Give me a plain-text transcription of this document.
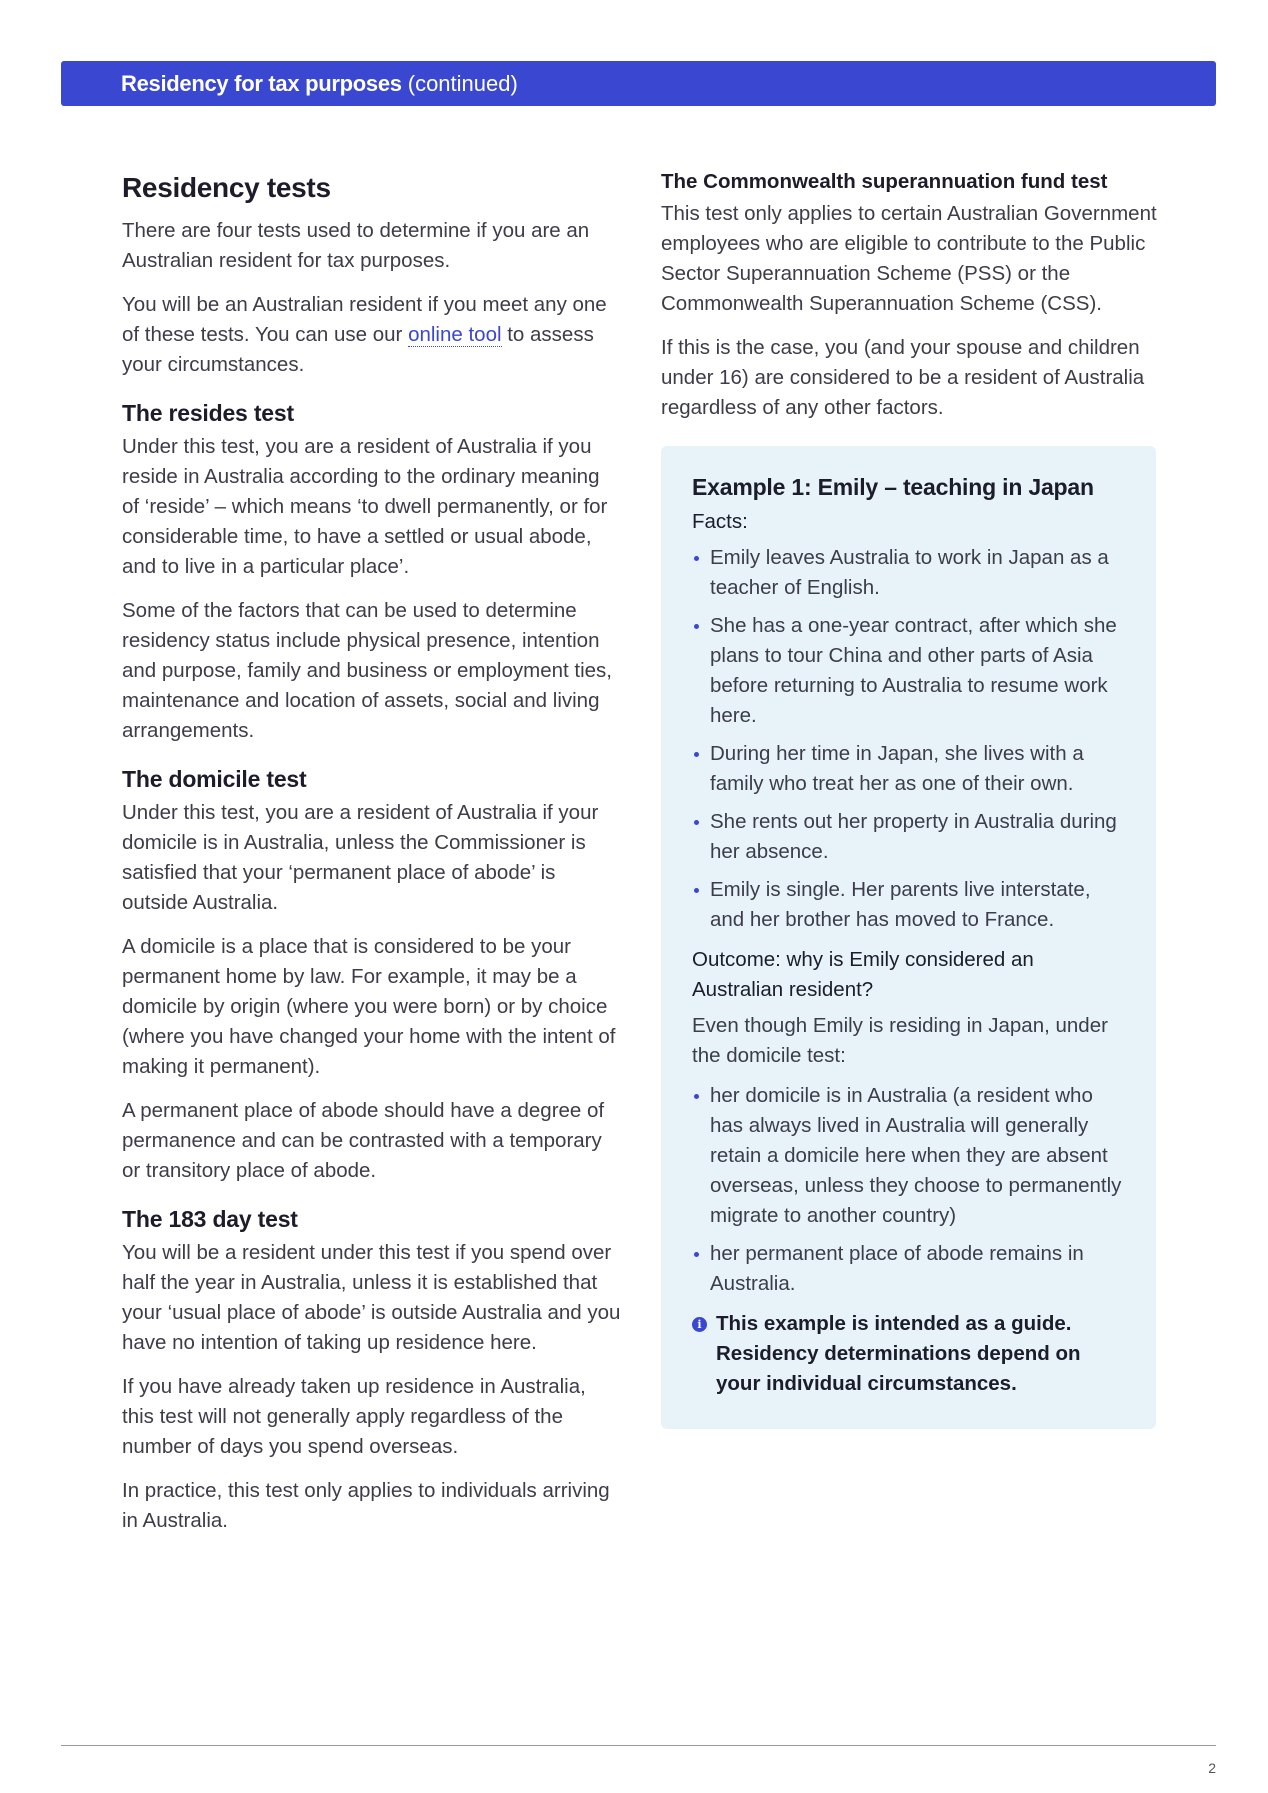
Residency for tax purposes (continued)
Residency tests

There are four tests used to determine if you are an Australian resident for tax purposes.

You will be an Australian resident if you meet any one of these tests. You can use our online tool to assess your circumstances.

The resides test

Under this test, you are a resident of Australia if you reside in Australia according to the ordinary meaning of ‘reside’ – which means ‘to dwell permanently, or for considerable time, to have a settled or usual abode, and to live in a particular place’.

Some of the factors that can be used to determine residency status include physical presence, intention and purpose, family and business or employment ties, maintenance and location of assets, social and living arrangements.

The domicile test

Under this test, you are a resident of Australia if your domicile is in Australia, unless the Commissioner is satisfied that your ‘permanent place of abode’ is outside Australia.

A domicile is a place that is considered to be your permanent home by law. For example, it may be a domicile by origin (where you were born) or by choice (where you have changed your home with the intent of making it permanent).

A permanent place of abode should have a degree of permanence and can be contrasted with a temporary or transitory place of abode.

The 183 day test

You will be a resident under this test if you spend over half the year in Australia, unless it is established that your ‘usual place of abode’ is outside Australia and you have no intention of taking up residence here.

If you have already taken up residence in Australia, this test will not generally apply regardless of the number of days you spend overseas.

In practice, this test only applies to individuals arriving in Australia.

The Commonwealth superannuation fund test

This test only applies to certain Australian Government employees who are eligible to contribute to the Public Sector Superannuation Scheme (PSS) or the Commonwealth Superannuation Scheme (CSS).

If this is the case, you (and your spouse and children under 16) are considered to be a resident of Australia regardless of any other factors.

Example 1: Emily – teaching in Japan
Facts:
Emily leaves Australia to work in Japan as a teacher of English.
She has a one-year contract, after which she plans to tour China and other parts of Asia before returning to Australia to resume work here.
During her time in Japan, she lives with a family who treat her as one of their own.
She rents out her property in Australia during her absence.
Emily is single. Her parents live interstate, and her brother has moved to France.
Outcome: why is Emily considered an Australian resident?

Even though Emily is residing in Japan, under the domicile test:

her domicile is in Australia (a resident who has always lived in Australia will generally retain a domicile here when they are absent overseas, unless they choose to permanently migrate to another country)
her permanent place of abode remains in Australia.
i This example is intended as a guide. Residency determinations depend on your individual circumstances.
2
